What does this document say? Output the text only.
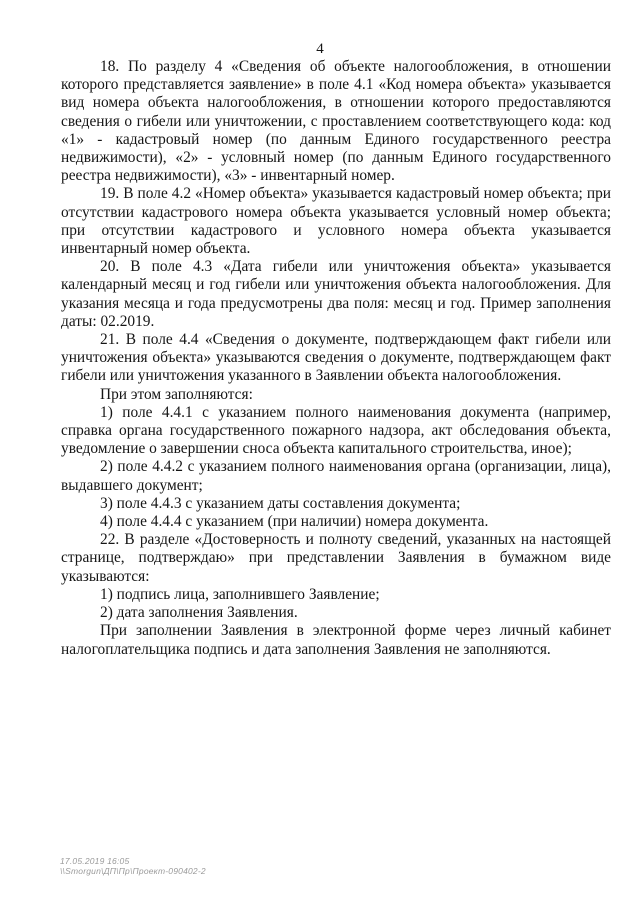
4

18. По разделу 4 «Сведения об объекте налогообложения, в отношении которого представляется заявление» в поле 4.1 «Код номера объекта» указывается вид номера объекта налогообложения, в отношении которого предоставляются сведения о гибели или уничтожении, с проставлением соответствующего кода: код «1» - кадастровый номер (по данным Единого государственного реестра недвижимости), «2» - условный номер (по данным Единого государственного реестра недвижимости), «3» - инвентарный номер.

19. В поле 4.2 «Номер объекта» указывается кадастровый номер объекта; при отсутствии кадастрового номера объекта указывается условный номер объекта; при отсутствии кадастрового и условного номера объекта указывается инвентарный номер объекта.

20. В поле 4.3 «Дата гибели или уничтожения объекта» указывается календарный месяц и год гибели или уничтожения объекта налогообложения. Для указания месяца и года предусмотрены два поля: месяц и год. Пример заполнения даты: 02.2019.

21. В поле 4.4 «Сведения о документе, подтверждающем факт гибели или уничтожения объекта» указываются сведения о документе, подтверждающем факт гибели или уничтожения указанного в Заявлении объекта налогообложения.

При этом заполняются:

1) поле 4.4.1 с указанием полного наименования документа (например, справка органа государственного пожарного надзора, акт обследования объекта, уведомление о завершении сноса объекта капитального строительства, иное);

2) поле 4.4.2 с указанием полного наименования органа (организации, лица), выдавшего документ;

3) поле 4.4.3 с указанием даты составления документа;

4) поле 4.4.4 с указанием (при наличии) номера документа.

22. В разделе «Достоверность и полноту сведений, указанных на настоящей странице, подтверждаю» при представлении Заявления в бумажном виде указываются:

1) подпись лица, заполнившего Заявление;

2) дата заполнения Заявления.

При заполнении Заявления в электронной форме через личный кабинет налогоплательщика подпись и дата заполнения Заявления не заполняются.

17.05.2019 16:05
\\Smorgun\ДП\Пр\Проект-090402-2
